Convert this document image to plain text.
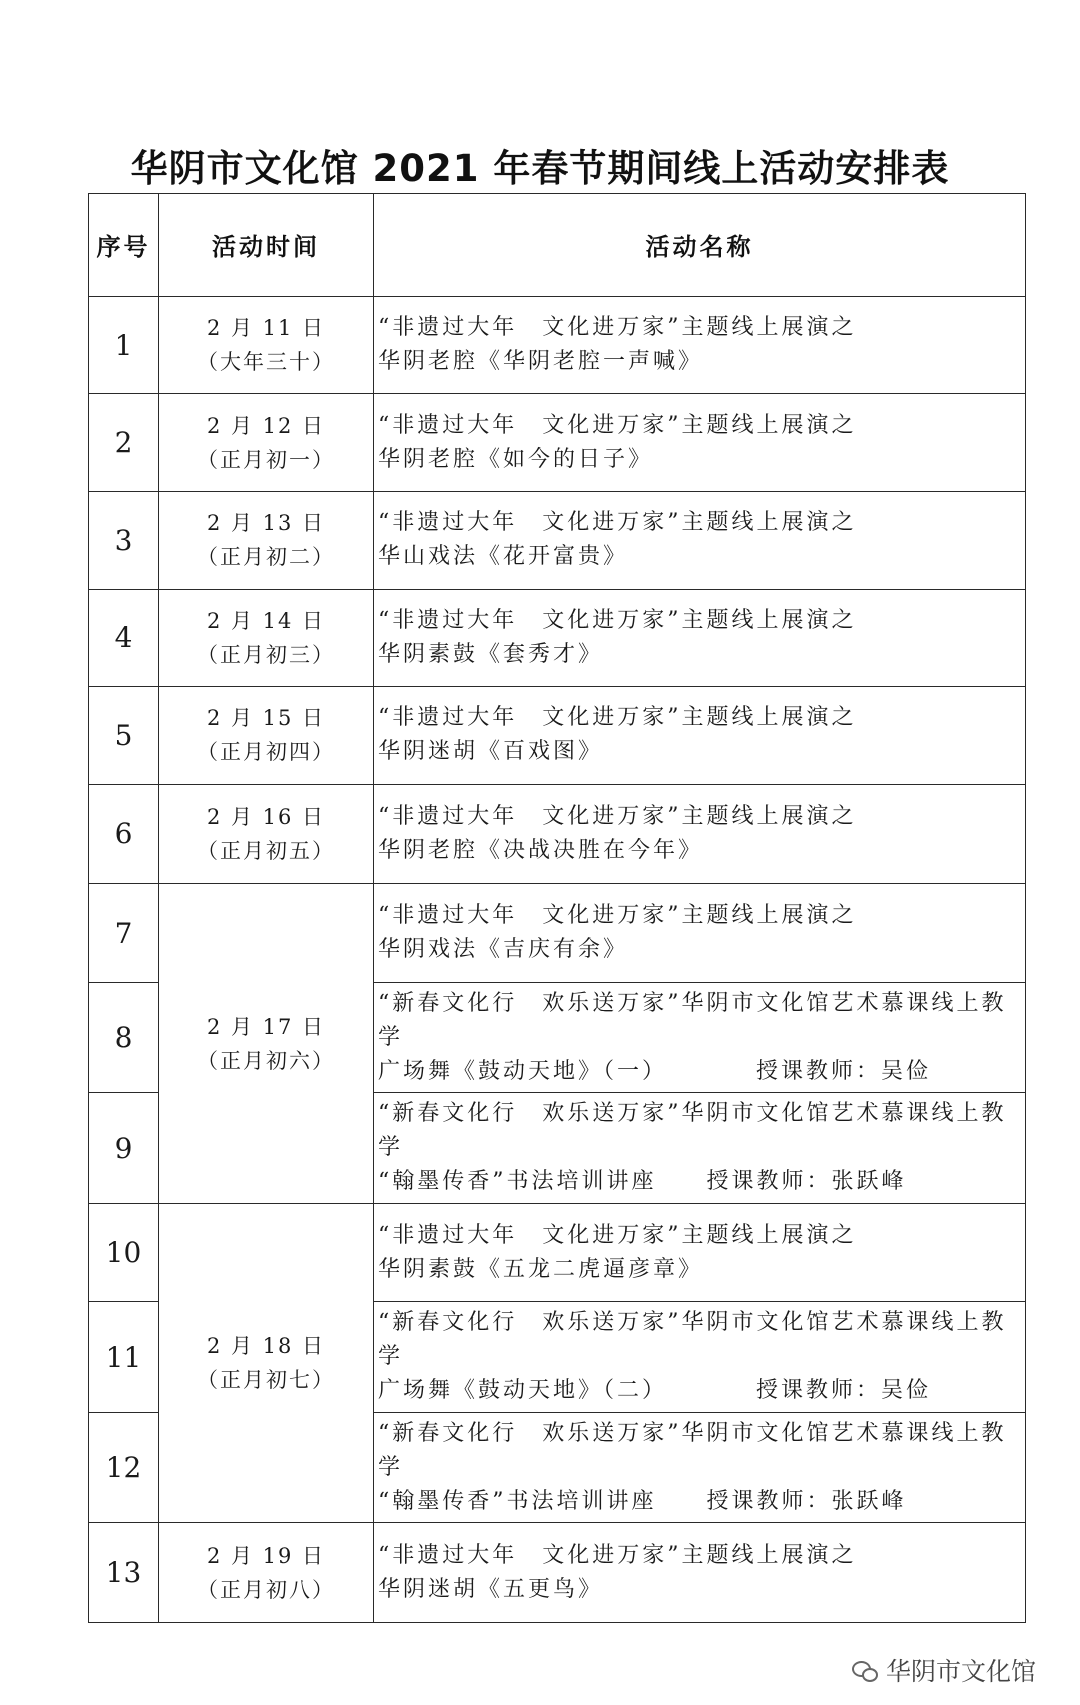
华阴市文化馆 2021 年春节期间线上活动安排表
序号	活动时间	活动名称
1	2 月 11 日
（大年三十）	“非遗过大年　文化进万家”主题线上展演之
华阴老腔《华阴老腔一声喊》

2	2 月 12 日
（正月初一）	“非遗过大年　文化进万家”主题线上展演之
华阴老腔《如今的日子》

3	2 月 13 日
（正月初二）	“非遗过大年　文化进万家”主题线上展演之
华山戏法《花开富贵》

4	2 月 14 日
（正月初三）	“非遗过大年　文化进万家”主题线上展演之
华阴素鼓《套秀才》

5	2 月 15 日
（正月初四）	“非遗过大年　文化进万家”主题线上展演之
华阴迷胡《百戏图》

6	2 月 16 日
（正月初五）	“非遗过大年　文化进万家”主题线上展演之
华阴老腔《决战决胜在今年》

7	2 月 17 日
（正月初六）	“非遗过大年　文化进万家”主题线上展演之
华阴戏法《吉庆有余》

8		“新春文化行　欢乐送万家”华阴市文化馆艺术慕课线上教
学
广场舞《鼓动天地》（一）　　　　授课教师：吴俭

9		“新春文化行　欢乐送万家”华阴市文化馆艺术慕课线上教
学
“翰墨传香”书法培训讲座　　授课教师：张跃峰

10	2 月 18 日
（正月初七）	“非遗过大年　文化进万家”主题线上展演之
华阴素鼓《五龙二虎逼彦章》

11		“新春文化行　欢乐送万家”华阴市文化馆艺术慕课线上教
学
广场舞《鼓动天地》（二）　　　　授课教师：吴俭

12		“新春文化行　欢乐送万家”华阴市文化馆艺术慕课线上教
学
“翰墨传香”书法培训讲座　　授课教师：张跃峰

13	2 月 19 日
（正月初八）	“非遗过大年　文化进万家”主题线上展演之
华阴迷胡《五更鸟》
华阴市文化馆
